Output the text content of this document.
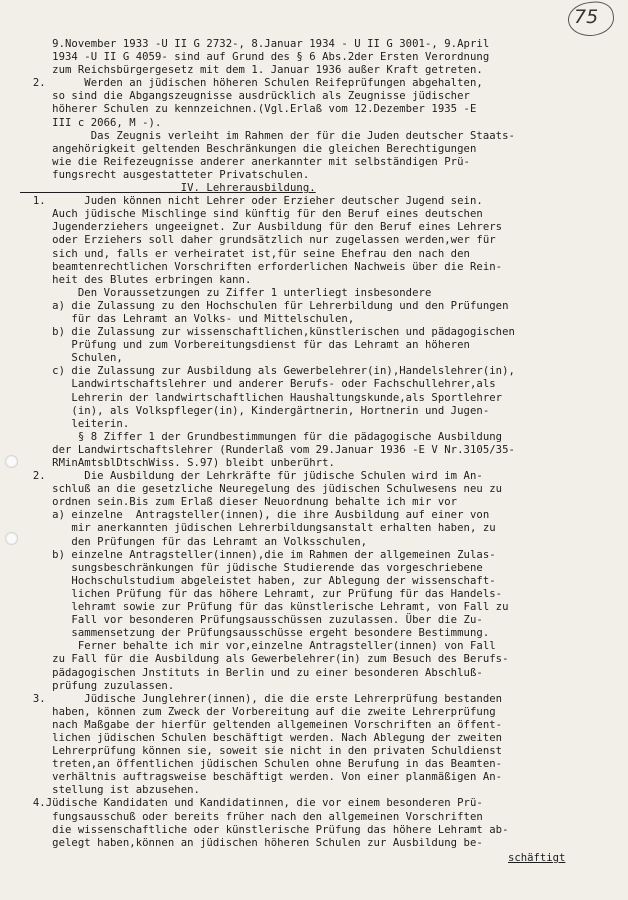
75
9.November 1933 -U II G 2732-, 8.Januar 1934 - U II G 3001-, 9.April
1934 -U II G 4059- sind auf Grund des § 6 Abs.2der Ersten Verordnung
zum Reichsbürgergesetz mit dem 1. Januar 1936 außer Kraft getreten.
2.      Werden an jüdischen höheren Schulen Reifeprüfungen abgehalten,
so sind die Abgangszeugnisse ausdrücklich als Zeugnisse jüdischer
höherer Schulen zu kennzeichnen.(Vgl.Erlaß vom 12.Dezember 1935 -E
III c 2066, M -).
Das Zeugnis verleiht im Rahmen der für die Juden deutscher Staats-
angehörigkeit geltenden Beschränkungen die gleichen Berechtigungen
wie die Reifezeugnisse anderer anerkannter mit selbständigen Prü-
fungsrecht ausgestatteter Privatschulen.
IV. Lehrerausbildung.
1.      Juden können nicht Lehrer oder Erzieher deutscher Jugend sein.
Auch jüdische Mischlinge sind künftig für den Beruf eines deutschen
Jugenderziehers ungeeignet. Zur Ausbildung für den Beruf eines Lehrers
oder Erziehers soll daher grundsätzlich nur zugelassen werden,wer für
sich und, falls er verheiratet ist,für seine Ehefrau den nach den
beamtenrechtlichen Vorschriften erforderlichen Nachweis über die Rein-
heit des Blutes erbringen kann.
Den Voraussetzungen zu Ziffer 1 unterliegt insbesondere
a) die Zulassung zu den Hochschulen für Lehrerbildung und den Prüfungen
für das Lehramt an Volks- und Mittelschulen,
b) die Zulassung zur wissenschaftlichen,künstlerischen und pädagogischen
Prüfung und zum Vorbereitungsdienst für das Lehramt an höheren
Schulen,
c) die Zulassung zur Ausbildung als Gewerbelehrer(in),Handelslehrer(in),
Landwirtschaftslehrer und anderer Berufs- oder Fachschullehrer,als
Lehrerin der landwirtschaftlichen Haushaltungskunde,als Sportlehrer
(in), als Volkspfleger(in), Kindergärtnerin, Hortnerin und Jugen-
leiterin.
§ 8 Ziffer 1 der Grundbestimmungen für die pädagogische Ausbildung
der Landwirtschaftslehrer (Runderlaß vom 29.Januar 1936 -E V Nr.3105/35-
RMinAmtsblDtschWiss. S.97) bleibt unberührt.
2.      Die Ausbildung der Lehrkräfte für jüdische Schulen wird im An-
schluß an die gesetzliche Neuregelung des jüdischen Schulwesens neu zu
ordnen sein.Bis zum Erlaß dieser Neuordnung behalte ich mir vor
a) einzelne  Antragsteller(innen), die ihre Ausbildung auf einer von
mir anerkannten jüdischen Lehrerbildungsanstalt erhalten haben, zu
den Prüfungen für das Lehramt an Volksschulen,
b) einzelne Antragsteller(innen),die im Rahmen der allgemeinen Zulas-
sungsbeschränkungen für jüdische Studierende das vorgeschriebene
Hochschulstudium abgeleistet haben, zur Ablegung der wissenschaft-
lichen Prüfung für das höhere Lehramt, zur Prüfung für das Handels-
lehramt sowie zur Prüfung für das künstlerische Lehramt, von Fall zu
Fall vor besonderen Prüfungsausschüssen zuzulassen. Über die Zu-
sammensetzung der Prüfungsausschüsse ergeht besondere Bestimmung.
Ferner behalte ich mir vor,einzelne Antragsteller(innen) von Fall
zu Fall für die Ausbildung als Gewerbelehrer(in) zum Besuch des Berufs-
pädagogischen Jnstituts in Berlin und zu einer besonderen Abschluß-
prüfung zuzulassen.
3.      Jüdische Junglehrer(innen), die die erste Lehrerprüfung bestanden
haben, können zum Zweck der Vorbereitung auf die zweite Lehrerprüfung
nach Maßgabe der hierfür geltenden allgemeinen Vorschriften an öffent-
lichen jüdischen Schulen beschäftigt werden. Nach Ablegung der zweiten
Lehrerprüfung können sie, soweit sie nicht in den privaten Schuldienst
treten,an öffentlichen jüdischen Schulen ohne Berufung in das Beamten-
verhältnis auftragsweise beschäftigt werden. Von einer planmäßigen An-
stellung ist abzusehen.
4.Jüdische Kandidaten und Kandidatinnen, die vor einem besonderen Prü-
fungsausschuß oder bereits früher nach den allgemeinen Vorschriften
die wissenschaftliche oder künstlerische Prüfung das höhere Lehramt ab-
gelegt haben,können an jüdischen höheren Schulen zur Ausbildung be-
schäftigt
